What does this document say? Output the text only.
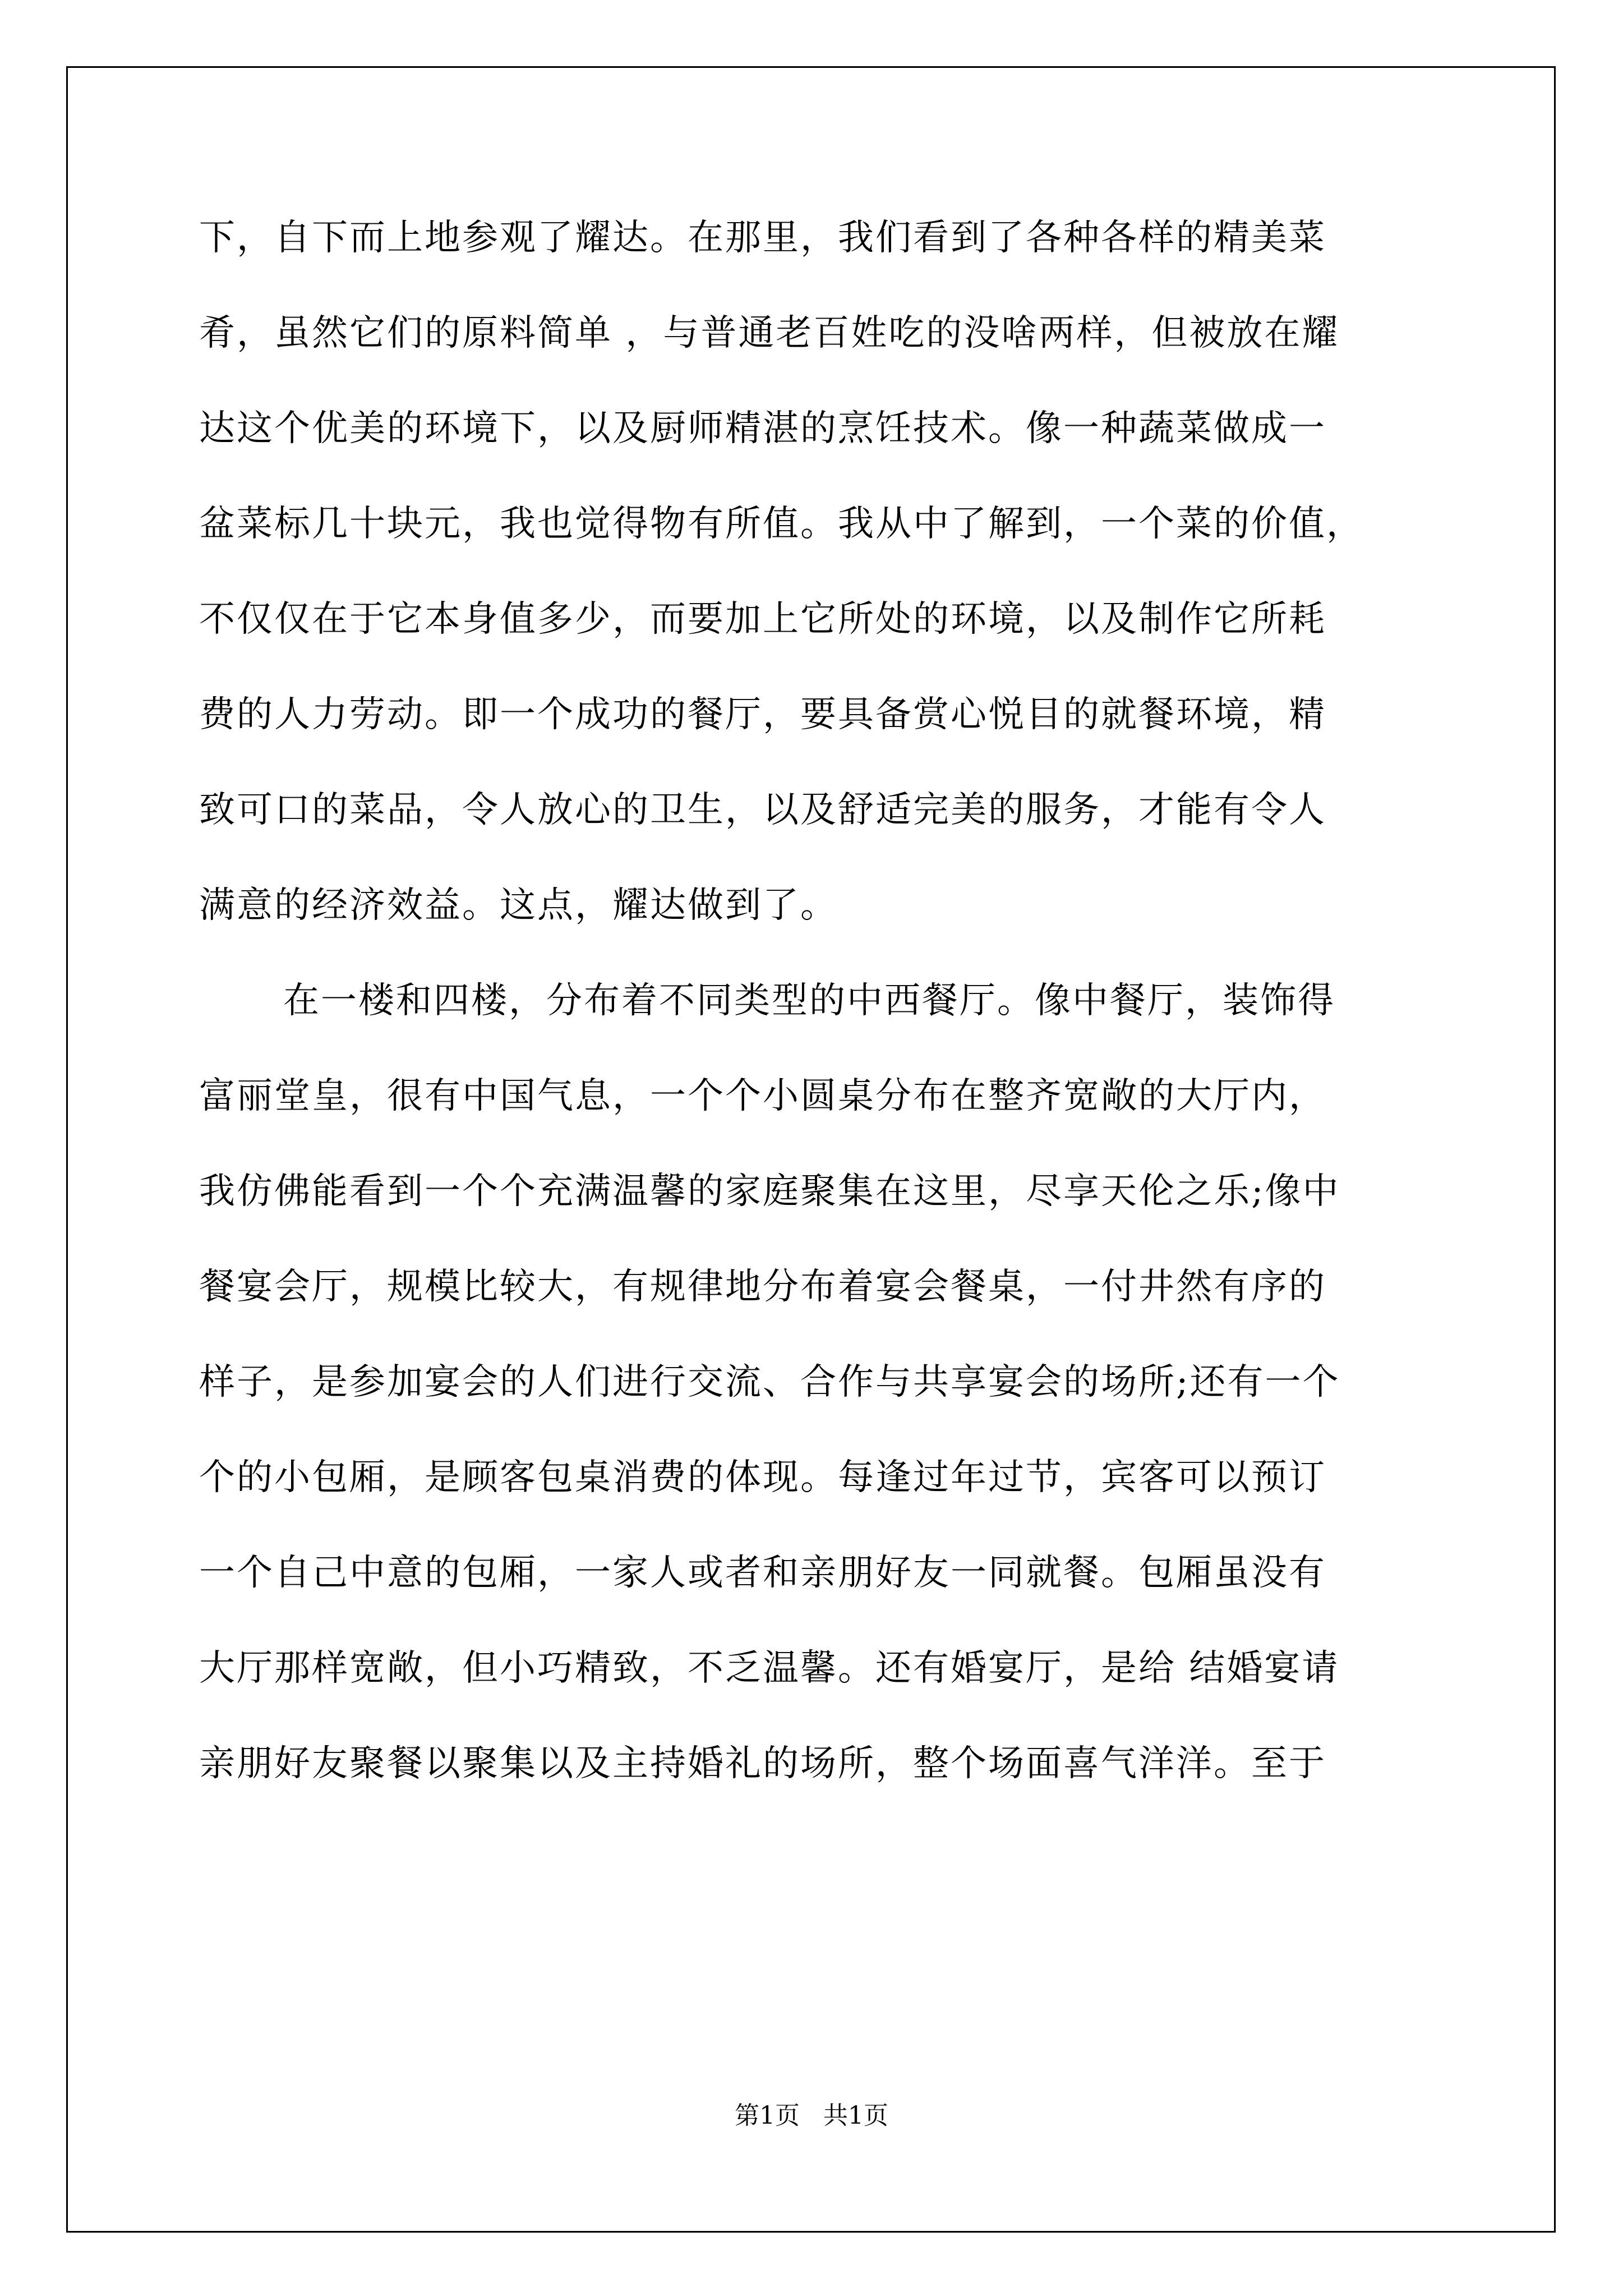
下，自下而上地参观了耀达。在那里，我们看到了各种各样的精美菜
肴，虽然它们的原料简单 ，与普通老百姓吃的没啥两样，但被放在耀
达这个优美的环境下，以及厨师精湛的烹饪技术。像一种蔬菜做成一
盆菜标几十块元，我也觉得物有所值。我从中了解到，一个菜的价值，
不仅仅在于它本身值多少，而要加上它所处的环境，以及制作它所耗
费的人力劳动。即一个成功的餐厅，要具备赏心悦目的就餐环境，精
致可口的菜品，令人放心的卫生，以及舒适完美的服务，才能有令人
满意的经济效益。这点，耀达做到了。
在一楼和四楼，分布着不同类型的中西餐厅。像中餐厅，装饰得
富丽堂皇，很有中国气息，一个个小圆桌分布在整齐宽敞的大厅内，
我仿佛能看到一个个充满温馨的家庭聚集在这里，尽享天伦之乐;像中
餐宴会厅，规模比较大，有规律地分布着宴会餐桌，一付井然有序的
样子，是参加宴会的人们进行交流、合作与共享宴会的场所;还有一个
个的小包厢，是顾客包桌消费的体现。每逢过年过节，宾客可以预订
一个自己中意的包厢，一家人或者和亲朋好友一同就餐。包厢虽没有
大厅那样宽敞，但小巧精致，不乏温馨。还有婚宴厅，是给 结婚宴请
亲朋好友聚餐以聚集以及主持婚礼的场所，整个场面喜气洋洋。至于
第1页 共1页
